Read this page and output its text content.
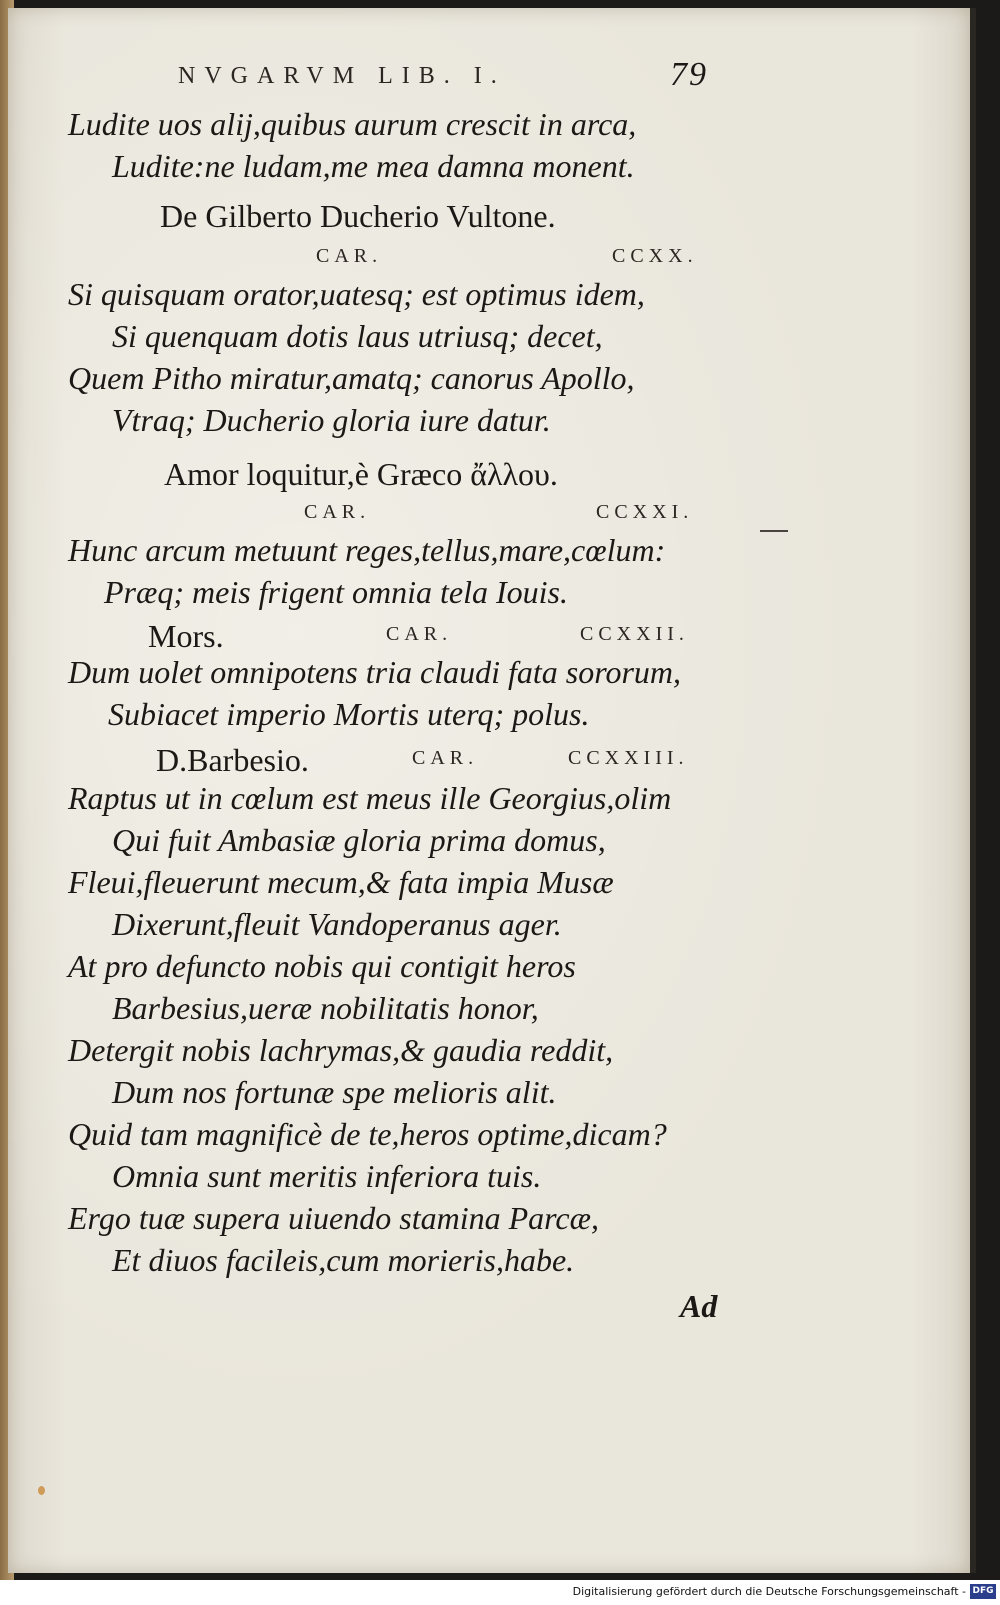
NVGARVM LIB. I.	79
Ludite uos alij,quibus aurum crescit in arca,
Ludite:ne ludam,me mea damna monent.
De Gilberto Ducherio Vultone.
CAR.	CCXX.
Si quisquam orator,uatesq; est optimus idem,
Si quenquam dotis laus utriusq; decet,
Quem Pitho miratur,amatq; canorus Apollo,
Vtraq; Ducherio gloria iure datur.
Amor loquitur,è Græco ἄλλου.
CAR.	CCXXI.
Hunc arcum metuunt reges,tellus,mare,cœlum:
Præq; meis frigent omnia tela Iouis.
Mors.	CAR.	CCXXII.
Dum uolet omnipotens tria claudi fata sororum,
Subiacet imperio Mortis uterq; polus.
D.Barbesio.	CAR.	CCXXIII.
Raptus ut in cœlum est meus ille Georgius,olim
Qui fuit Ambasiæ gloria prima domus,
Fleui,fleuerunt mecum,& fata impia Musæ
Dixerunt,fleuit Vandoperanus ager.
At pro defuncto nobis qui contigit heros
Barbesius,ueræ nobilitatis honor,
Detergit nobis lachrymas,& gaudia reddit,
Dum nos fortunæ spe melioris alit.
Quid tam magnificè de te,heros optime,dicam?
Omnia sunt meritis inferiora tuis.
Ergo tuæ supera uiuendo stamina Parcæ,
Et diuos facileis,cum morieris,habe.
Ad
Digitalisierung gefördert durch die Deutsche Forschungsgemeinschaft - DFG
